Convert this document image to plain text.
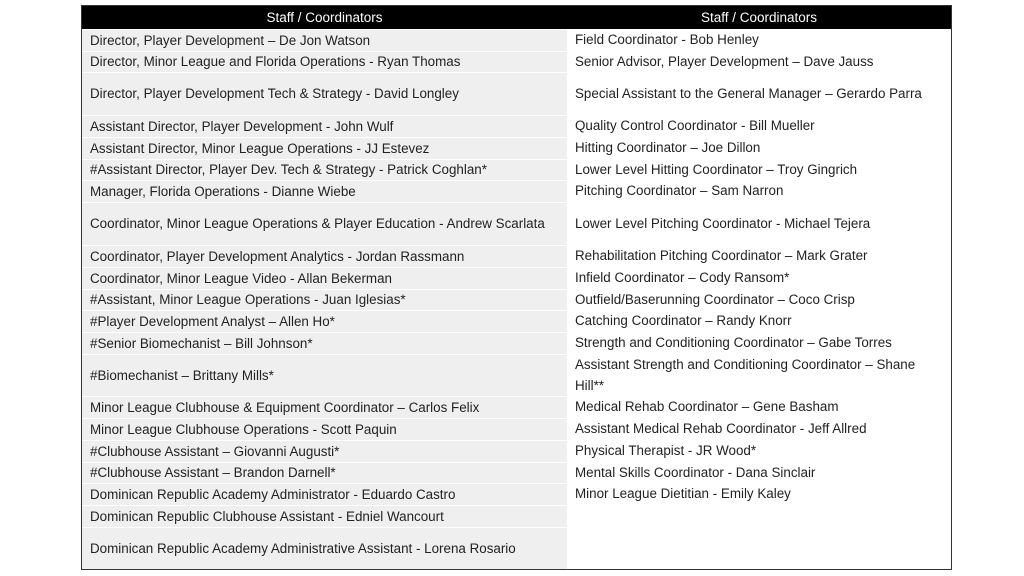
Staff / Coordinators	Staff / Coordinators
Director, Player Development – De Jon Watson
Director, Minor League and Florida Operations - Ryan Thomas
Director, Player Development Tech & Strategy - David Longley
Assistant Director, Player Development - John Wulf
Assistant Director, Minor League Operations - JJ Estevez
#Assistant Director, Player Dev. Tech & Strategy - Patrick Coghlan*
Manager, Florida Operations - Dianne Wiebe
Coordinator, Minor League Operations & Player Education - Andrew Scarlata
Coordinator, Player Development Analytics - Jordan Rassmann
Coordinator, Minor League Video - Allan Bekerman
#Assistant, Minor League Operations - Juan Iglesias*
#Player Development Analyst – Allen Ho*
#Senior Biomechanist – Bill Johnson*
#Biomechanist – Brittany Mills*
Minor League Clubhouse & Equipment Coordinator – Carlos Felix
Minor League Clubhouse Operations - Scott Paquin
#Clubhouse Assistant – Giovanni Augusti*
#Clubhouse Assistant – Brandon Darnell*
Dominican Republic Academy Administrator - Eduardo Castro
Dominican Republic Clubhouse Assistant - Edniel Wancourt
Dominican Republic Academy Administrative Assistant - Lorena Rosario
Field Coordinator - Bob Henley
Senior Advisor, Player Development – Dave Jauss
Special Assistant to the General Manager – Gerardo Parra
Quality Control Coordinator - Bill Mueller
Hitting Coordinator – Joe Dillon
Lower Level Hitting Coordinator – Troy Gingrich
Pitching Coordinator – Sam Narron
Lower Level Pitching Coordinator - Michael Tejera
Rehabilitation Pitching Coordinator – Mark Grater
Infield Coordinator – Cody Ransom*
Outfield/Baserunning Coordinator – Coco Crisp
Catching Coordinator – Randy Knorr
Strength and Conditioning Coordinator – Gabe Torres
Assistant Strength and Conditioning Coordinator – Shane Hill**
Medical Rehab Coordinator – Gene Basham
Assistant Medical Rehab Coordinator - Jeff Allred
Physical Therapist - JR Wood*
Mental Skills Coordinator - Dana Sinclair
Minor League Dietitian - Emily Kaley
